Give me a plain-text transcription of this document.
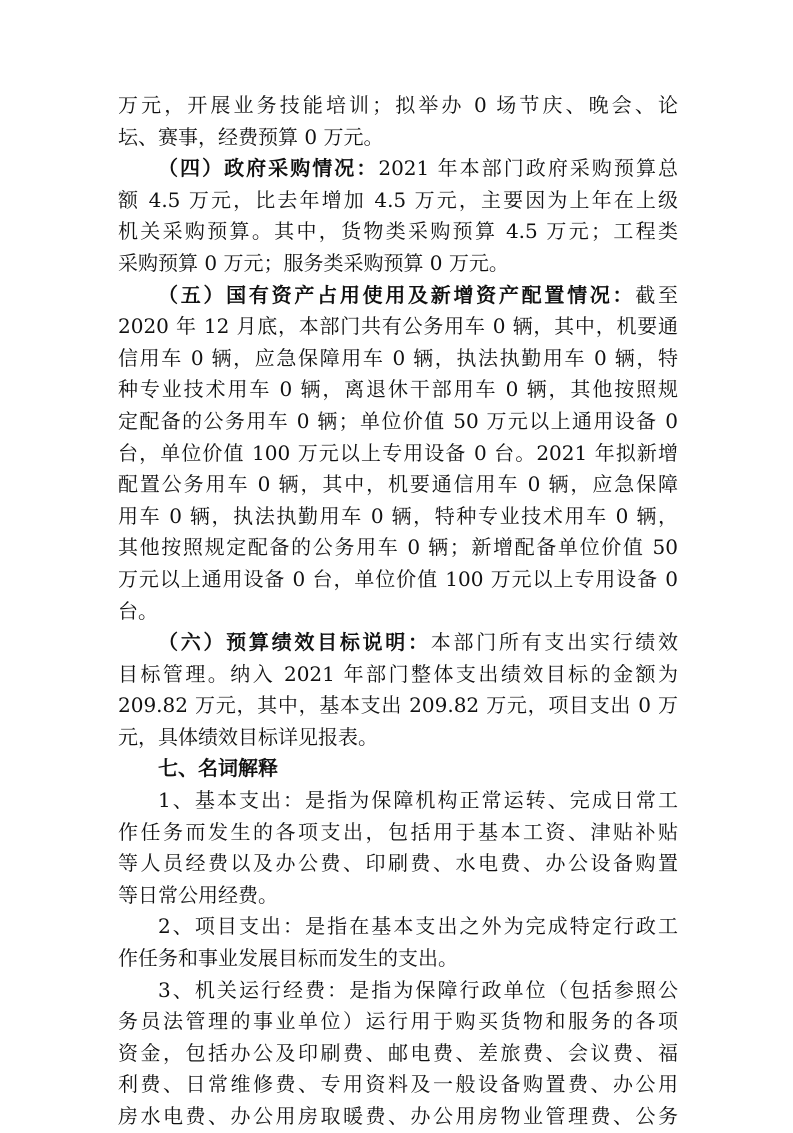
万元，开展业务技能培训；拟举办 0 场节庆、晚会、论
坛、赛事，经费预算 0 万元。
（四）政府采购情况：2021 年本部门政府采购预算总
额 4.5 万元，比去年增加 4.5 万元，主要因为上年在上级
机关采购预算。其中，货物类采购预算 4.5 万元；工程类
采购预算 0 万元；服务类采购预算 0 万元。
（五）国有资产占用使用及新增资产配置情况：截至
2020 年 12 月底，本部门共有公务用车 0 辆，其中，机要通
信用车 0 辆，应急保障用车 0 辆，执法执勤用车 0 辆，特
种专业技术用车 0 辆，离退休干部用车 0 辆，其他按照规
定配备的公务用车 0 辆；单位价值 50 万元以上通用设备 0
台，单位价值 100 万元以上专用设备 0 台。2021 年拟新增
配置公务用车 0 辆，其中，机要通信用车 0 辆，应急保障
用车 0 辆，执法执勤用车 0 辆，特种专业技术用车 0 辆，
其他按照规定配备的公务用车 0 辆；新增配备单位价值 50
万元以上通用设备 0 台，单位价值 100 万元以上专用设备 0
台。
（六）预算绩效目标说明：本部门所有支出实行绩效
目标管理。纳入 2021 年部门整体支出绩效目标的金额为
209.82 万元，其中，基本支出 209.82 万元，项目支出 0 万
元，具体绩效目标详见报表。
七、名词解释
1、基本支出：是指为保障机构正常运转、完成日常工
作任务而发生的各项支出，包括用于基本工资、津贴补贴
等人员经费以及办公费、印刷费、水电费、办公设备购置
等日常公用经费。
2、项目支出：是指在基本支出之外为完成特定行政工
作任务和事业发展目标而发生的支出。
3、机关运行经费：是指为保障行政单位（包括参照公
务员法管理的事业单位）运行用于购买货物和服务的各项
资金，包括办公及印刷费、邮电费、差旅费、会议费、福
利费、日常维修费、专用资料及一般设备购置费、办公用
房水电费、办公用房取暖费、办公用房物业管理费、公务
